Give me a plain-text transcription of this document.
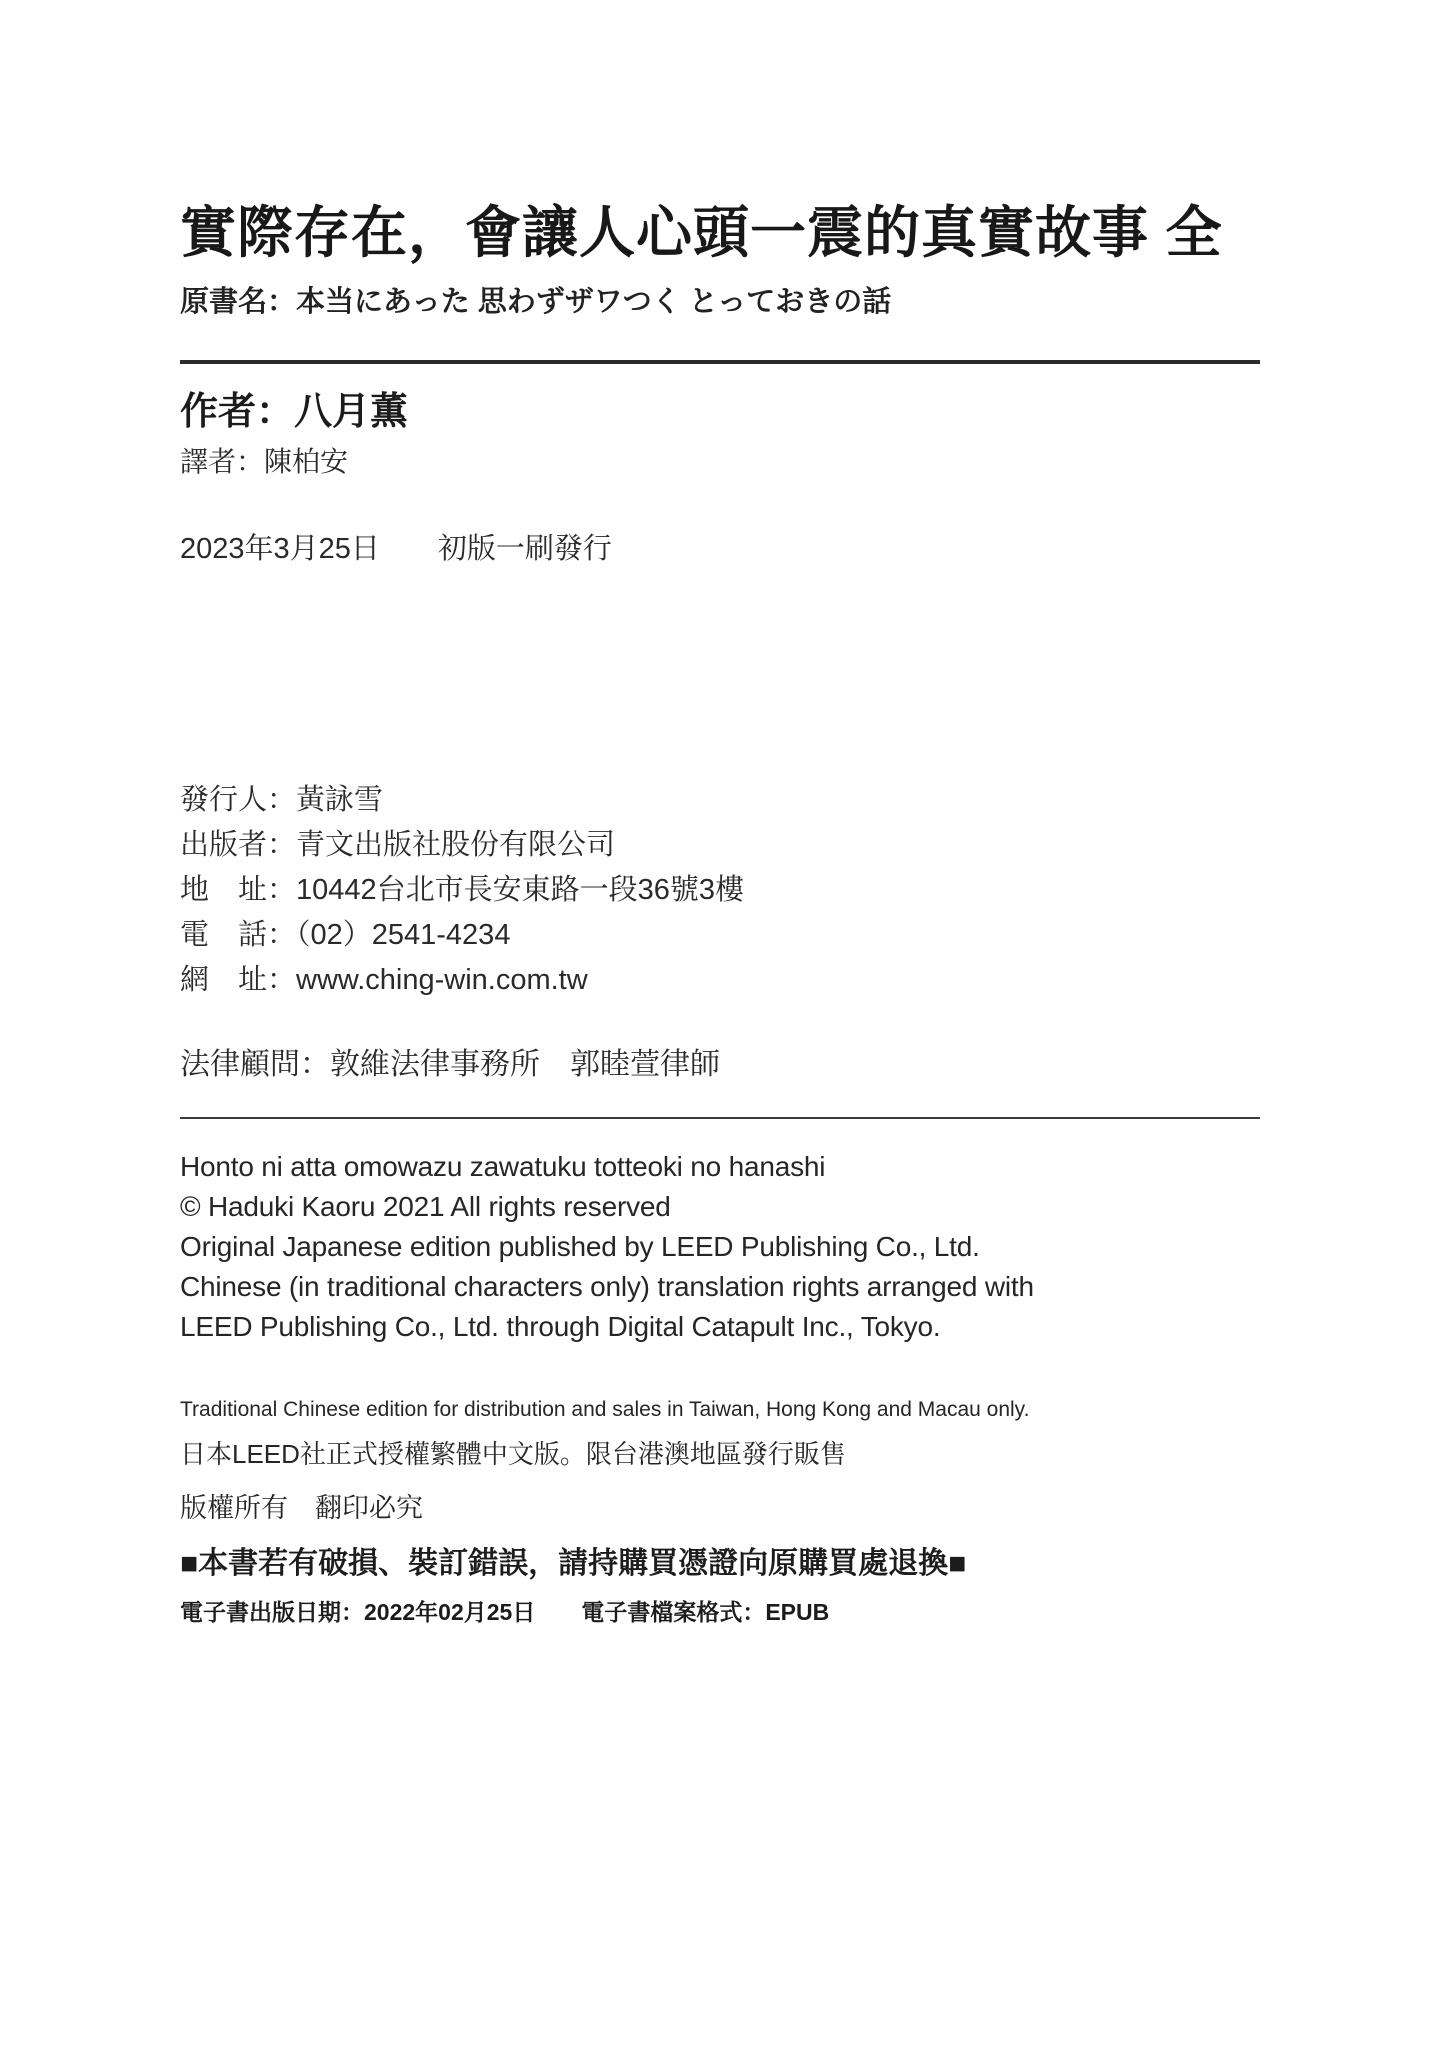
實際存在，會讓人心頭一震的真實故事 全
原書名：本当にあった 思わずザワつく とっておきの話
作者：八月薫
譯者：陳柏安
2023年3月25日　　初版一刷發行
發行人：黃詠雪
出版者：青文出版社股份有限公司
地　址：10442台北市長安東路一段36號3樓
電　話：（02）2541-4234
網　址：www.ching-win.com.tw
法律顧問：敦維法律事務所　郭睦萱律師
Honto ni atta omowazu zawatuku totteoki no hanashi
© Haduki Kaoru 2021 All rights reserved
Original Japanese edition published by LEED Publishing Co., Ltd.
Chinese (in traditional characters only) translation rights arranged with
LEED Publishing Co., Ltd. through Digital Catapult Inc., Tokyo.
Traditional Chinese edition for distribution and sales in Taiwan, Hong Kong and Macau only.
日本LEED社正式授權繁體中文版。限台港澳地區發行販售
版權所有　翻印必究
■本書若有破損、裝訂錯誤，請持購買憑證向原購買處退換■
電子書出版日期：2022年02月25日　　電子書檔案格式：EPUB
